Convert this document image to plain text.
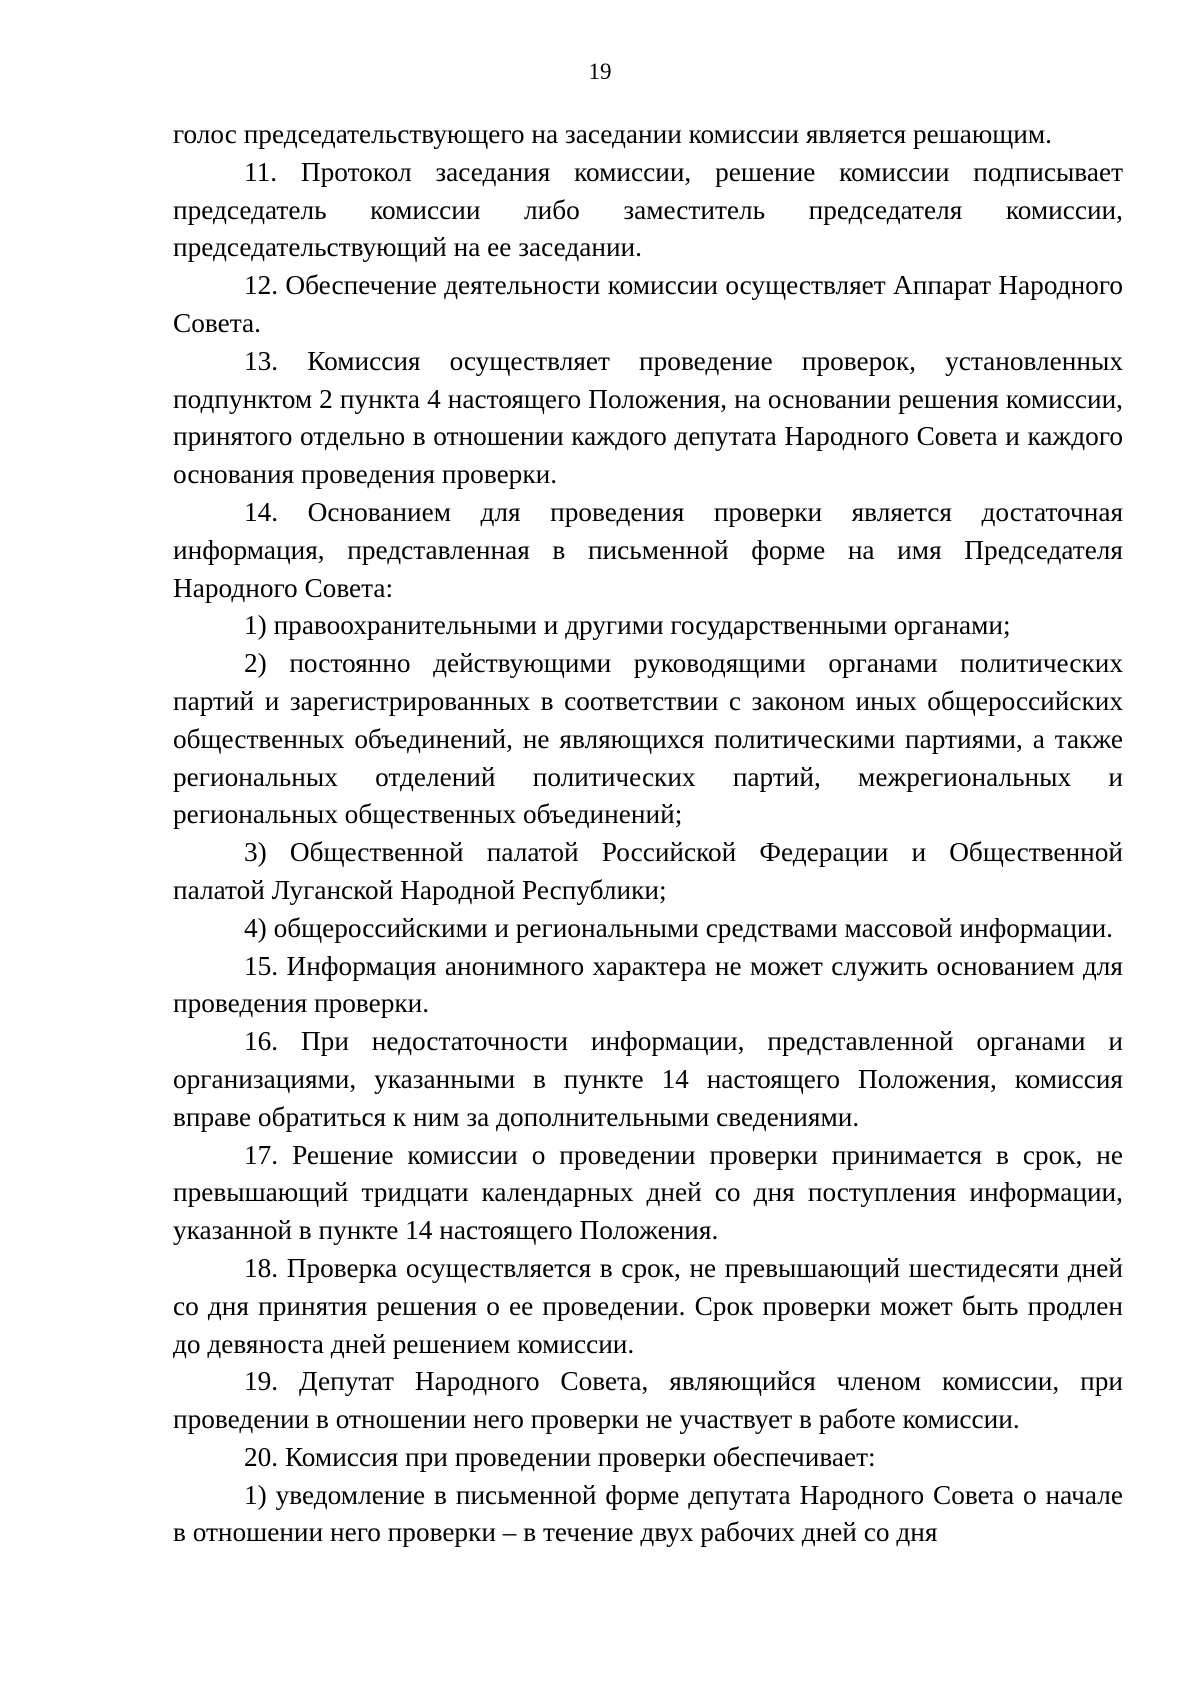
19

голос председательствующего на заседании комиссии является решающим.

11. Протокол заседания комиссии, решение комиссии подписывает председатель комиссии либо заместитель председателя комиссии, председательствующий на ее заседании.

12. Обеспечение деятельности комиссии осуществляет Аппарат Народного Совета.

13. Комиссия осуществляет проведение проверок, установленных подпунктом 2 пункта 4 настоящего Положения, на основании решения комиссии, принятого отдельно в отношении каждого депутата Народного Совета и каждого основания проведения проверки.

14. Основанием для проведения проверки является достаточная информация, представленная в письменной форме на имя Председателя Народного Совета:

1) правоохранительными и другими государственными органами;

2) постоянно действующими руководящими органами политических партий и зарегистрированных в соответствии с законом иных общероссийских общественных объединений, не являющихся политическими партиями, а также региональных отделений политических партий, межрегиональных и региональных общественных объединений;

3) Общественной палатой Российской Федерации и Общественной палатой Луганской Народной Республики;

4) общероссийскими и региональными средствами массовой информации.

15. Информация анонимного характера не может служить основанием для проведения проверки.

16. При недостаточности информации, представленной органами и организациями, указанными в пункте 14 настоящего Положения, комиссия вправе обратиться к ним за дополнительными сведениями.

17. Решение комиссии о проведении проверки принимается в срок, не превышающий тридцати календарных дней со дня поступления информации, указанной в пункте 14 настоящего Положения.

18. Проверка осуществляется в срок, не превышающий шестидесяти дней со дня принятия решения о ее проведении. Срок проверки может быть продлен до девяноста дней решением комиссии.

19. Депутат Народного Совета, являющийся членом комиссии, при проведении в отношении него проверки не участвует в работе комиссии.

20. Комиссия при проведении проверки обеспечивает:

1) уведомление в письменной форме депутата Народного Совета о начале в отношении него проверки – в течение двух рабочих дней со дня
